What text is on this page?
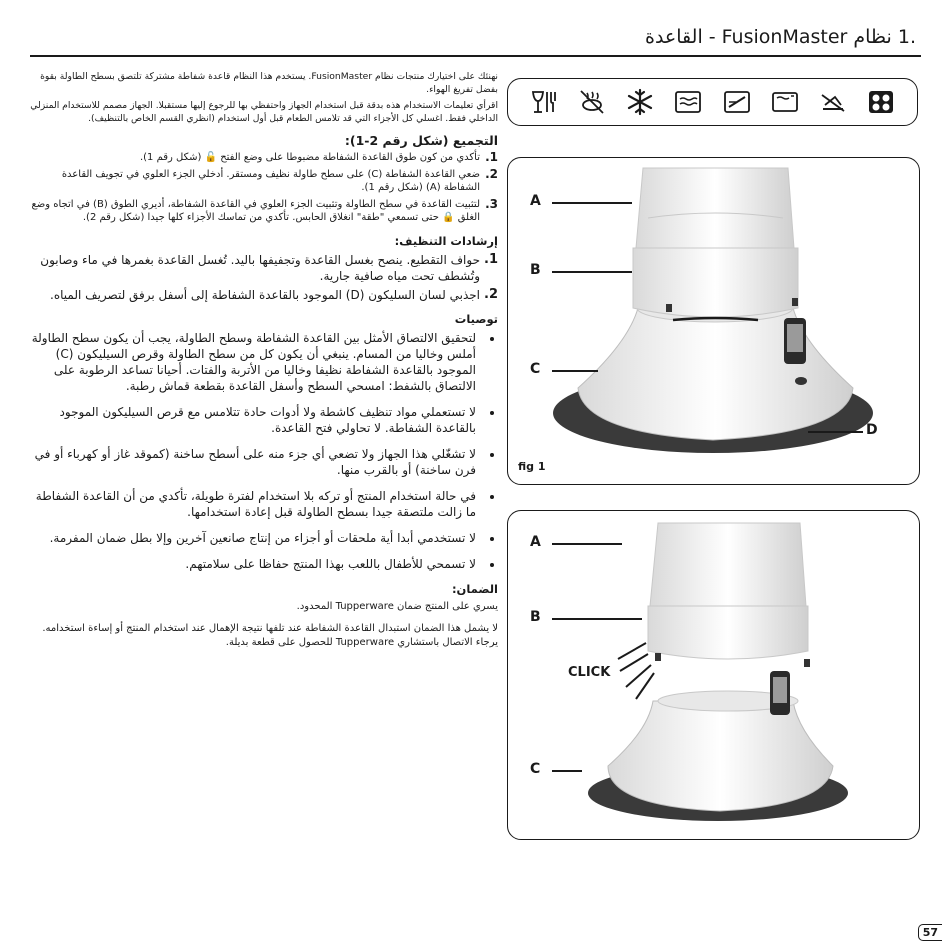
.1 نظام FusionMaster - القاعدة

نهنئك على اختيارك منتجات نظام FusionMaster. يستخدم هذا النظام قاعدة شفاطة مشتركة تلتصق بسطح الطاولة بقوة بفضل تفريغ الهواء.

اقرأي تعليمات الاستخدام هذه بدقة قبل استخدام الجهاز واحتفظي بها للرجوع إليها مستقبلا. الجهاز مصمم للاستخدام المنزلي الداخلي فقط. اغسلي كل الأجزاء التي قد تلامس الطعام قبل أول استخدام (انظري القسم الخاص بالتنظيف).

التجميع (شكل رقم 2-1):
1.
تأكدي من كون طوق القاعدة الشفاطة مضبوطا على وضع الفتح 🔓 (شكل رقم 1).
2.
ضعي القاعدة الشفاطة (C) على سطح طاولة نظيف ومستقر. أدخلي الجزء العلوي في تجويف القاعدة الشفاطة (A) (شكل رقم 1).
3.
لتثبيت القاعدة في سطح الطاولة وتثبيت الجزء العلوي في القاعدة الشفاطة، أديري الطوق (B) في اتجاه وضع الغلق 🔒 حتى تسمعي "طقة" انغلاق الحابس. تأكدي من تماسك الأجزاء كلها جيدا (شكل رقم 2).
إرشادات التنظيف:
1.
حواف التقطيع. ينصح بغسل القاعدة وتجفيفها باليد. تُغسل القاعدة بغمرها في ماء وصابون وتُشطف تحت مياه صافية جارية.
2.
اجذبي لسان السليكون (D) الموجود بالقاعدة الشفاطة إلى أسفل برفق لتصريف المياه.
توصيات
• لتحقيق الالتصاق الأمثل بين القاعدة الشفاطة وسطح الطاولة، يجب أن يكون سطح الطاولة أملس وخاليا من المسام. ينبغي أن يكون كل من سطح الطاولة وقرص السيليكون (C) الموجود بالقاعدة الشفاطة نظيفا وخاليا من الأتربة والفتات. أحيانا تساعد الرطوبة على الالتصاق بالشفط: امسحي السطح وأسفل القاعدة بقطعة قماش رطبة.
• لا تستعملي مواد تنظيف كاشطة ولا أدوات حادة تتلامس مع قرص السيليكون الموجود بالقاعدة الشفاطة. لا تحاولي فتح القاعدة.
• لا تشغّلي هذا الجهاز ولا تضعي أي جزء منه على أسطح ساخنة (كموقد غاز أو كهرباء أو في فرن ساخنة) أو بالقرب منها.
• في حالة استخدام المنتج أو تركه بلا استخدام لفترة طويلة، تأكدي من أن القاعدة الشفاطة ما زالت ملتصقة جيدا بسطح الطاولة قبل إعادة استخدامها.
• لا تستخدمي أبدا أية ملحقات أو أجزاء من إنتاج صانعين آخرين وإلا بطل ضمان المفرمة.
• لا تسمحي للأطفال باللعب بهذا المنتج حفاظا على سلامتهم.
الضمان:

يسري على المنتج ضمان Tupperware المحدود.

لا يشمل هذا الضمان استبدال القاعدة الشفاطة عند تلفها نتيجة الإهمال عند استخدام المنتج أو إساءة استخدامه. يرجاء الاتصال باستشاري Tupperware للحصول على قطعة بديلة.

A
B
C
D
fig 1
A
B
CLICK
C
57
